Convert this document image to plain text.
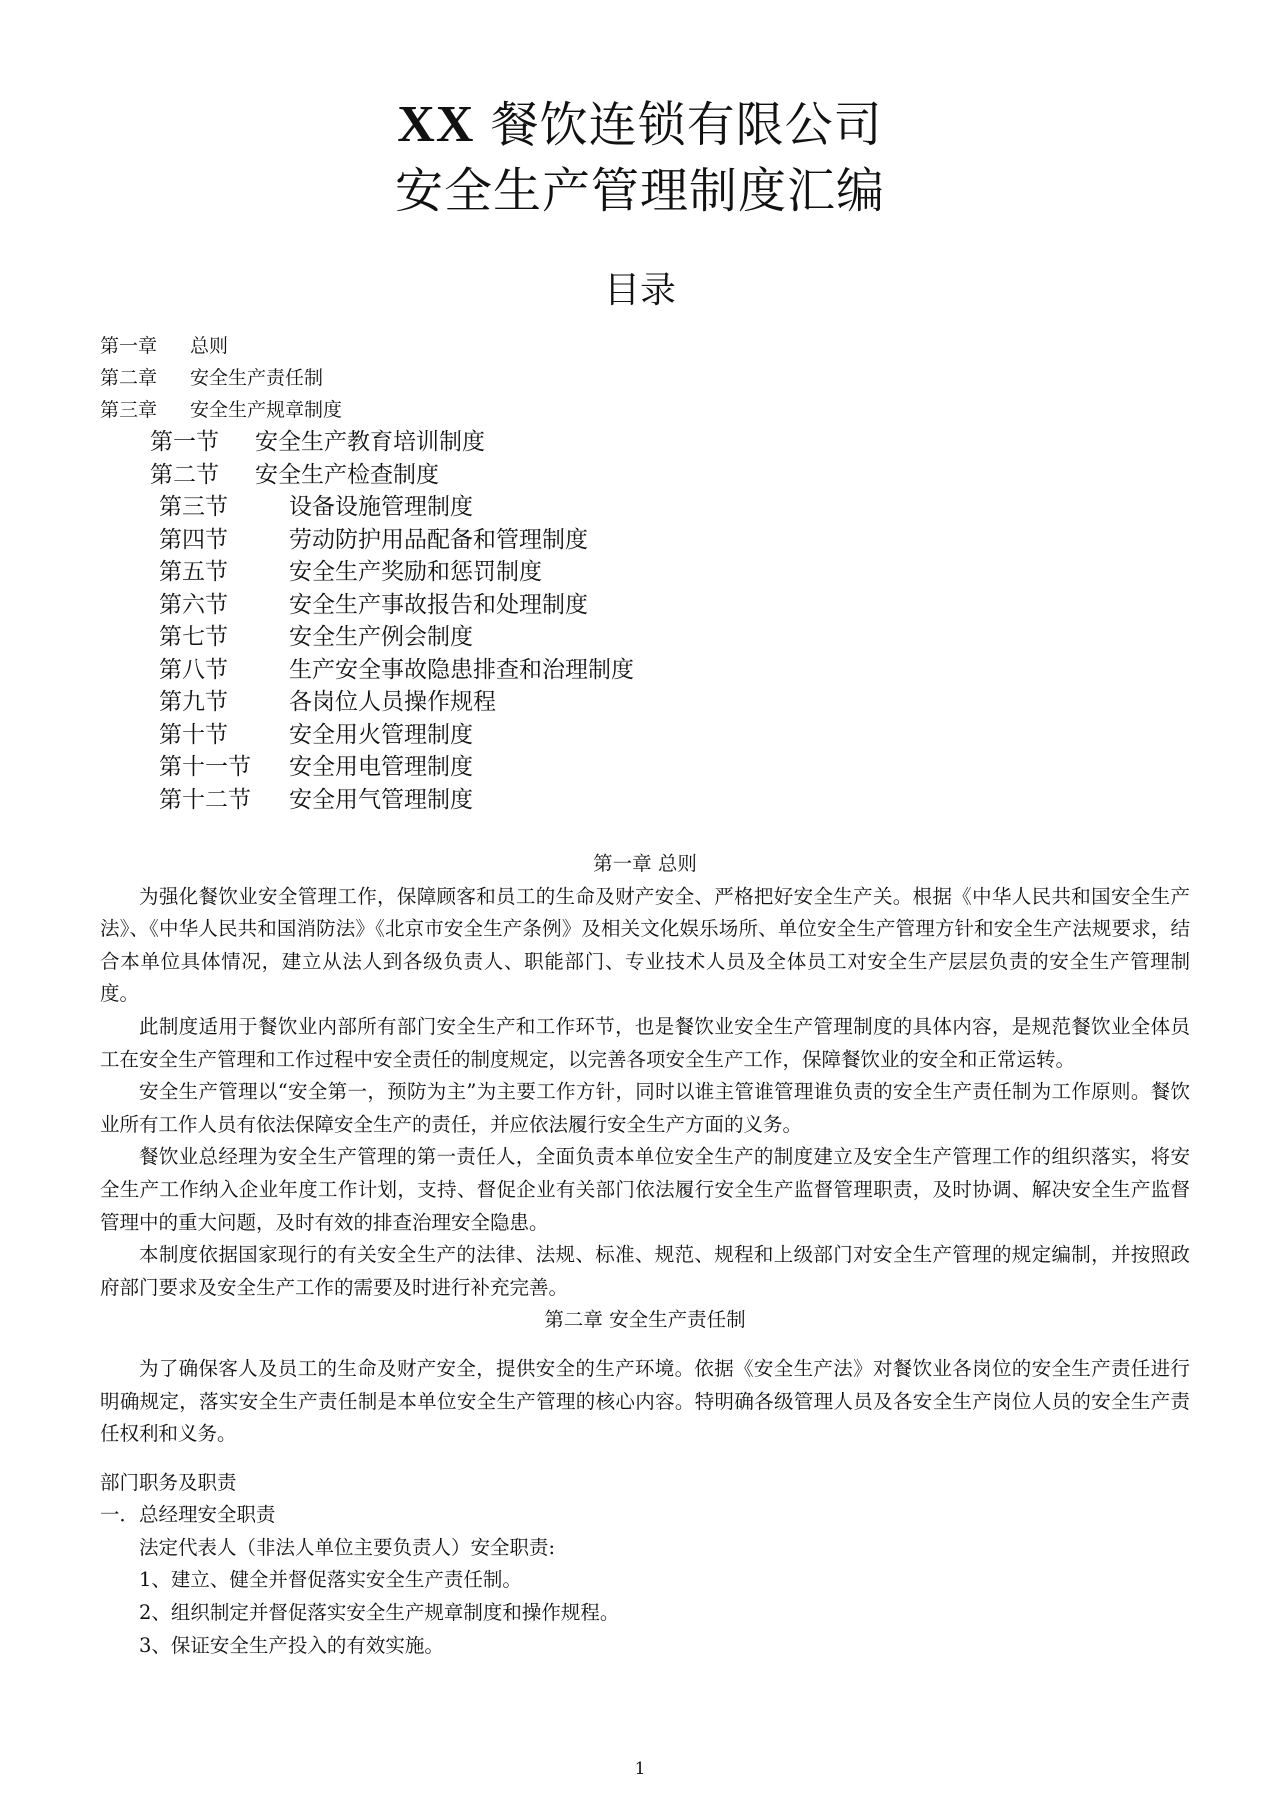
XX 餐饮连锁有限公司
安全生产管理制度汇编
目录
第一章	总则
第二章	安全生产责任制
第三章	安全生产规章制度
第一节	安全生产教育培训制度
第二节	安全生产检查制度
第三节	设备设施管理制度
第四节	劳动防护用品配备和管理制度
第五节	安全生产奖励和惩罚制度
第六节	安全生产事故报告和处理制度
第七节	安全生产例会制度
第八节	生产安全事故隐患排查和治理制度
第九节	各岗位人员操作规程
第十节	安全用火管理制度
第十一节	安全用电管理制度
第十二节	安全用气管理制度
第一章 总则

为强化餐饮业安全管理工作，保障顾客和员工的生命及财产安全、严格把好安全生产关。根据《中华人民共和国安全生产法》、《中华人民共和国消防法》《北京市安全生产条例》及相关文化娱乐场所、单位安全生产管理方针和安全生产法规要求，结合本单位具体情况，建立从法人到各级负责人、职能部门、专业技术人员及全体员工对安全生产层层负责的安全生产管理制度。

此制度适用于餐饮业内部所有部门安全生产和工作环节，也是餐饮业安全生产管理制度的具体内容，是规范餐饮业全体员工在安全生产管理和工作过程中安全责任的制度规定，以完善各项安全生产工作，保障餐饮业的安全和正常运转。

安全生产管理以“安全第一，预防为主”为主要工作方针，同时以谁主管谁管理谁负责的安全生产责任制为工作原则。餐饮业所有工作人员有依法保障安全生产的责任，并应依法履行安全生产方面的义务。

餐饮业总经理为安全生产管理的第一责任人，全面负责本单位安全生产的制度建立及安全生产管理工作的组织落实，将安全生产工作纳入企业年度工作计划，支持、督促企业有关部门依法履行安全生产监督管理职责，及时协调、解决安全生产监督管理中的重大问题，及时有效的排查治理安全隐患。

本制度依据国家现行的有关安全生产的法律、法规、标准、规范、规程和上级部门对安全生产管理的规定编制，并按照政府部门要求及安全生产工作的需要及时进行补充完善。

第二章 安全生产责任制

为了确保客人及员工的生命及财产安全，提供安全的生产环境。依据《安全生产法》对餐饮业各岗位的安全生产责任进行明确规定，落实安全生产责任制是本单位安全生产管理的核心内容。特明确各级管理人员及各安全生产岗位人员的安全生产责任权利和义务。

部门职务及职责

一．总经理安全职责

法定代表人（非法人单位主要负责人）安全职责:

1、建立、健全并督促落实安全生产责任制。

2、组织制定并督促落实安全生产规章制度和操作规程。

3、保证安全生产投入的有效实施。

1
